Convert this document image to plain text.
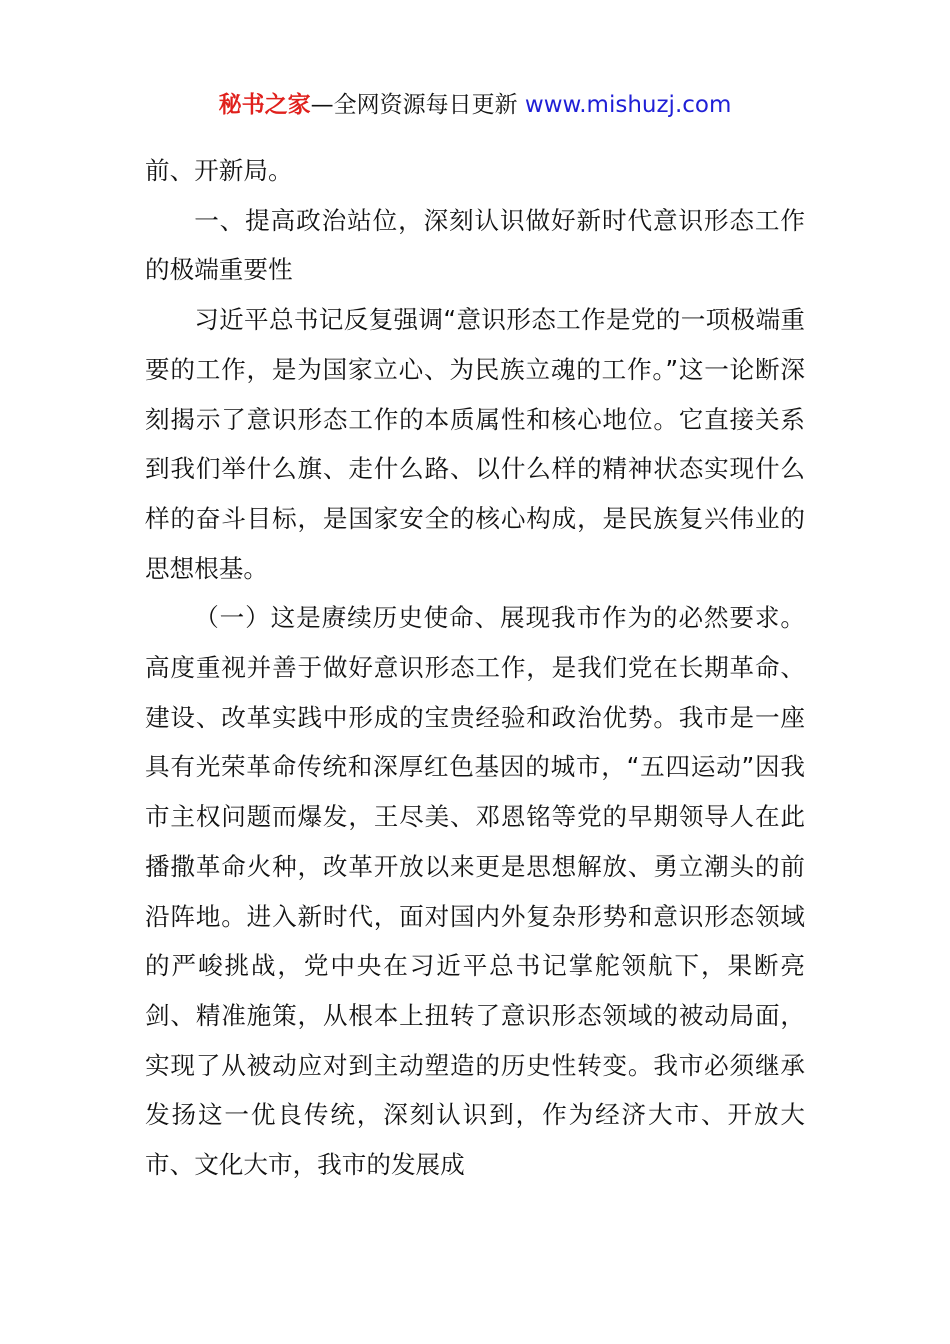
秘书之家—全网资源每日更新 www.mishuzj.com

前、开新局。

一、提高政治站位，深刻认识做好新时代意识形态工作的极端重要性

习近平总书记反复强调“意识形态工作是党的一项极端重要的工作，是为国家立心、为民族立魂的工作。”这一论断深刻揭示了意识形态工作的本质属性和核心地位。它直接关系到我们举什么旗、走什么路、以什么样的精神状态实现什么样的奋斗目标，是国家安全的核心构成，是民族复兴伟业的思想根基。

（一）这是赓续历史使命、展现我市作为的必然要求。高度重视并善于做好意识形态工作，是我们党在长期革命、建设、改革实践中形成的宝贵经验和政治优势。我市是一座具有光荣革命传统和深厚红色基因的城市，“五四运动”因我市主权问题而爆发，王尽美、邓恩铭等党的早期领导人在此播撒革命火种，改革开放以来更是思想解放、勇立潮头的前沿阵地。进入新时代，面对国内外复杂形势和意识形态领域的严峻挑战，党中央在习近平总书记掌舵领航下，果断亮剑、精准施策，从根本上扭转了意识形态领域的被动局面，实现了从被动应对到主动塑造的历史性转变。我市必须继承发扬这一优良传统，深刻认识到，作为经济大市、开放大市、文化大市，我市的发展成
